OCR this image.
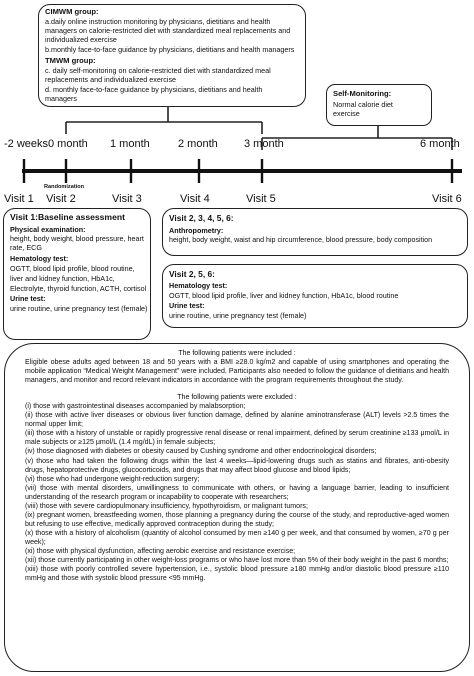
CIMWM group:
a.daily online instruction monitoring by physicians, dietitians and health
managers on calorie-restricted diet with standardized meal replacements and
individualized exercise
b.monthly face-to-face guidance by physicians, dietitians and health managers
TMWM group:
c. daily self-monitoring on calorie-restricted diet with standardized meal
replacements and individualized exercise
d. monthly face-to-face guidance by physicians, dietitians and health
managers
Self-Monitoring:
Normal calorie diet
exercise
-2 weeks 0 month 1 month	2 month 3 month	6 month
Randomization
Visit 1 Visit 2	Visit 3	Visit 4	Visit 5	Visit 6
Visit 1:Baseline assessment
Physical examination:
height, body weight, blood pressure, heart
rate, ECG
Hematology test:
OGTT, blood lipid profile, blood routine,
liver and kidney function, HbA1c,
Electrolyte, thyroid function, ACTH, cortisol
Urine test:
urine routine, urine pregnancy test (female)
Visit 2, 3, 4, 5, 6:
Anthropometry:
height, body weight, waist and hip circumference, blood pressure, body composition
Visit 2, 5, 6:
Hematology test:
OGTT, blood lipid profile, liver and kidney function, HbA1c, blood routine
Urine test:
urine routine, urine pregnancy test (female)

The following patients were included :

Eligible obese adults aged between 18 and 50 years with a BMI ≥28.0 kg/m2 and capable of using smartphones and operating the mobile application “Medical Weight Management” were included. Participants also needed to follow the guidance of dietitians and health managers, and monitor and record relevant indicators in accordance with the program requirements throughout the study.

The following patients were excluded :

(i) those with gastrointestinal diseases accompanied by malabsorption;

(ii) those with active liver diseases or obvious liver function damage, defined by alanine aminotransferase (ALT) levels >2.5 times the normal upper limit;

(iii) those with a history of unstable or rapidly progressive renal disease or renal impairment, defined by serum creatinine ≥133 μmol/L in male subjects or ≥125 μmol/L (1.4 mg/dL) in female subjects;

(iv) those diagnosed with diabetes or obesity caused by Cushing syndrome and other endocrinological disorders;

(v) those who had taken the following drugs within the last 4 weeks—lipid-lowering drugs such as statins and fibrates, anti-obesity drugs, hepatoprotective drugs, glucocorticoids, and drugs that may affect blood glucose and blood lipids;

(vi) those who had undergone weight-reduction surgery;

(vii) those with mental disorders, unwillingness to communicate with others, or having a language barrier, leading to insufficient understanding of the research program or incapability to cooperate with researchers;

(viii) those with severe cardiopulmonary insufficiency, hypothyroidism, or malignant tumors;

(ix) pregnant women, breastfeeding women, those planning a pregnancy during the course of the study, and reproductive-aged women but refusing to use effective, medically approved contraception during the study;

(x) those with a history of alcoholism (quantity of alcohol consumed by men ≥140 g per week, and that consumed by women, ≥70 g per week);

(xi) those with physical dysfunction, affecting aerobic exercise and resistance exercise;

(xii) those currently participating in other weight-loss programs or who have lost more than 5% of their body weight in the past 6 months;

(xiii) those with poorly controlled severe hypertension, i.e., systolic blood pressure ≥180 mmHg and/or diastolic blood pressure ≥110 mmHg and those with systolic blood pressure <95 mmHg.
